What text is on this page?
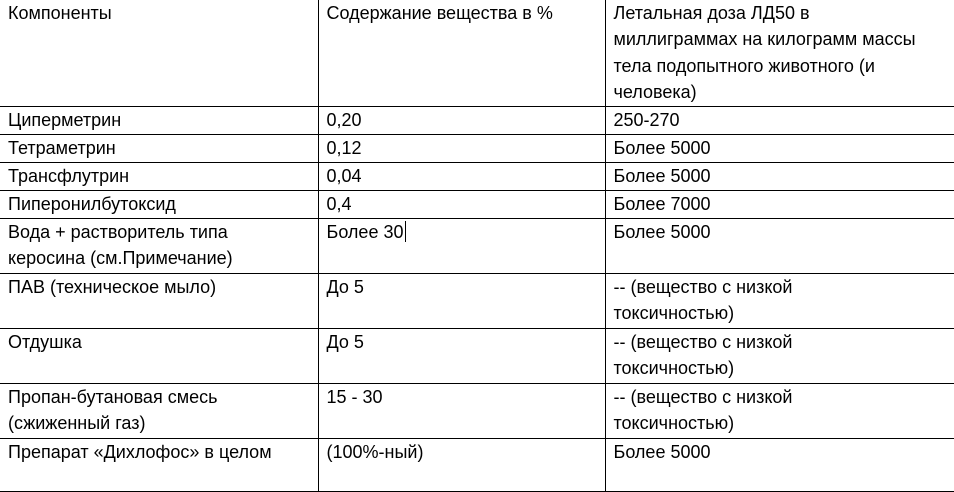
Компоненты	Содержание вещества в %	Летальная доза ЛД50 в миллиграммах на килограмм массы тела подопытного животного (и человека)

Циперметрин	0,20	250-270

Тетраметрин	0,12	Более 5000

Трансфлутрин	0,04	Более 5000

Пиперонилбутоксид	0,4	Более 7000

Вода + растворитель типа керосина (см.Примечание)	Более 30	Более 5000

ПАВ (техническое мыло)	До 5	-- (вещество с низкой токсичностью)

Отдушка	До 5	-- (вещество с низкой токсичностью)

Пропан-бутановая смесь (сжиженный газ)	15 - 30	-- (вещество с низкой токсичностью)

Препарат «Дихлофос» в целом	(100%-ный)	Более 5000
